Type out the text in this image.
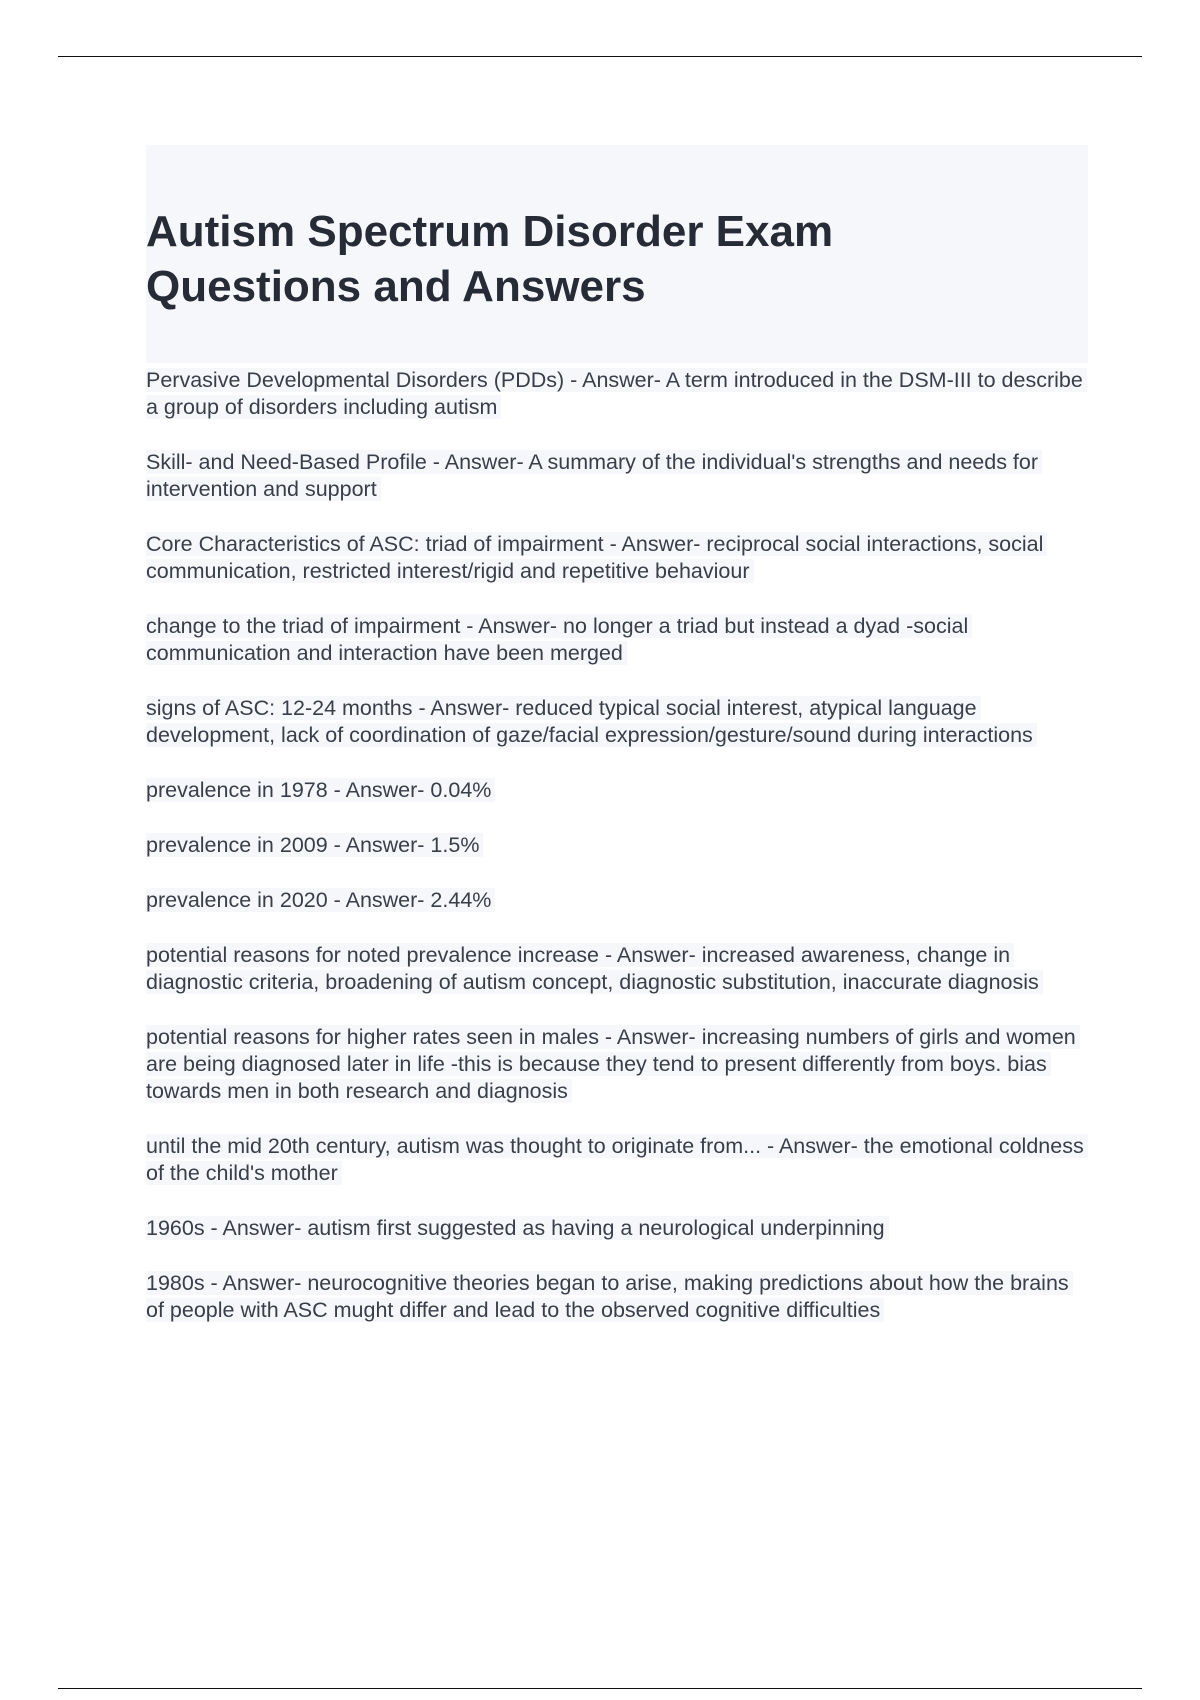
Autism Spectrum Disorder Exam
Questions and Answers
Pervasive Developmental Disorders (PDDs) - Answer- A term introduced in the DSM-III to describe a group of disorders including autism
Skill- and Need-Based Profile - Answer- A summary of the individual's strengths and needs for intervention and support
Core Characteristics of ASC: triad of impairment - Answer- reciprocal social interactions, social communication, restricted interest/rigid and repetitive behaviour
change to the triad of impairment - Answer- no longer a triad but instead a dyad -social communication and interaction have been merged
signs of ASC: 12-24 months - Answer- reduced typical social interest, atypical language development, lack of coordination of gaze/facial expression/gesture/sound during interactions
prevalence in 1978 - Answer- 0.04%
prevalence in 2009 - Answer- 1.5%
prevalence in 2020 - Answer- 2.44%
potential reasons for noted prevalence increase - Answer- increased awareness, change in diagnostic criteria, broadening of autism concept, diagnostic substitution, inaccurate diagnosis
potential reasons for higher rates seen in males - Answer- increasing numbers of girls and women are being diagnosed later in life -this is because they tend to present differently from boys. bias towards men in both research and diagnosis
until the mid 20th century, autism was thought to originate from... - Answer- the emotional coldness of the child's mother
1960s - Answer- autism first suggested as having a neurological underpinning
1980s - Answer- neurocognitive theories began to arise, making predictions about how the brains of people with ASC mught differ and lead to the observed cognitive difficulties
